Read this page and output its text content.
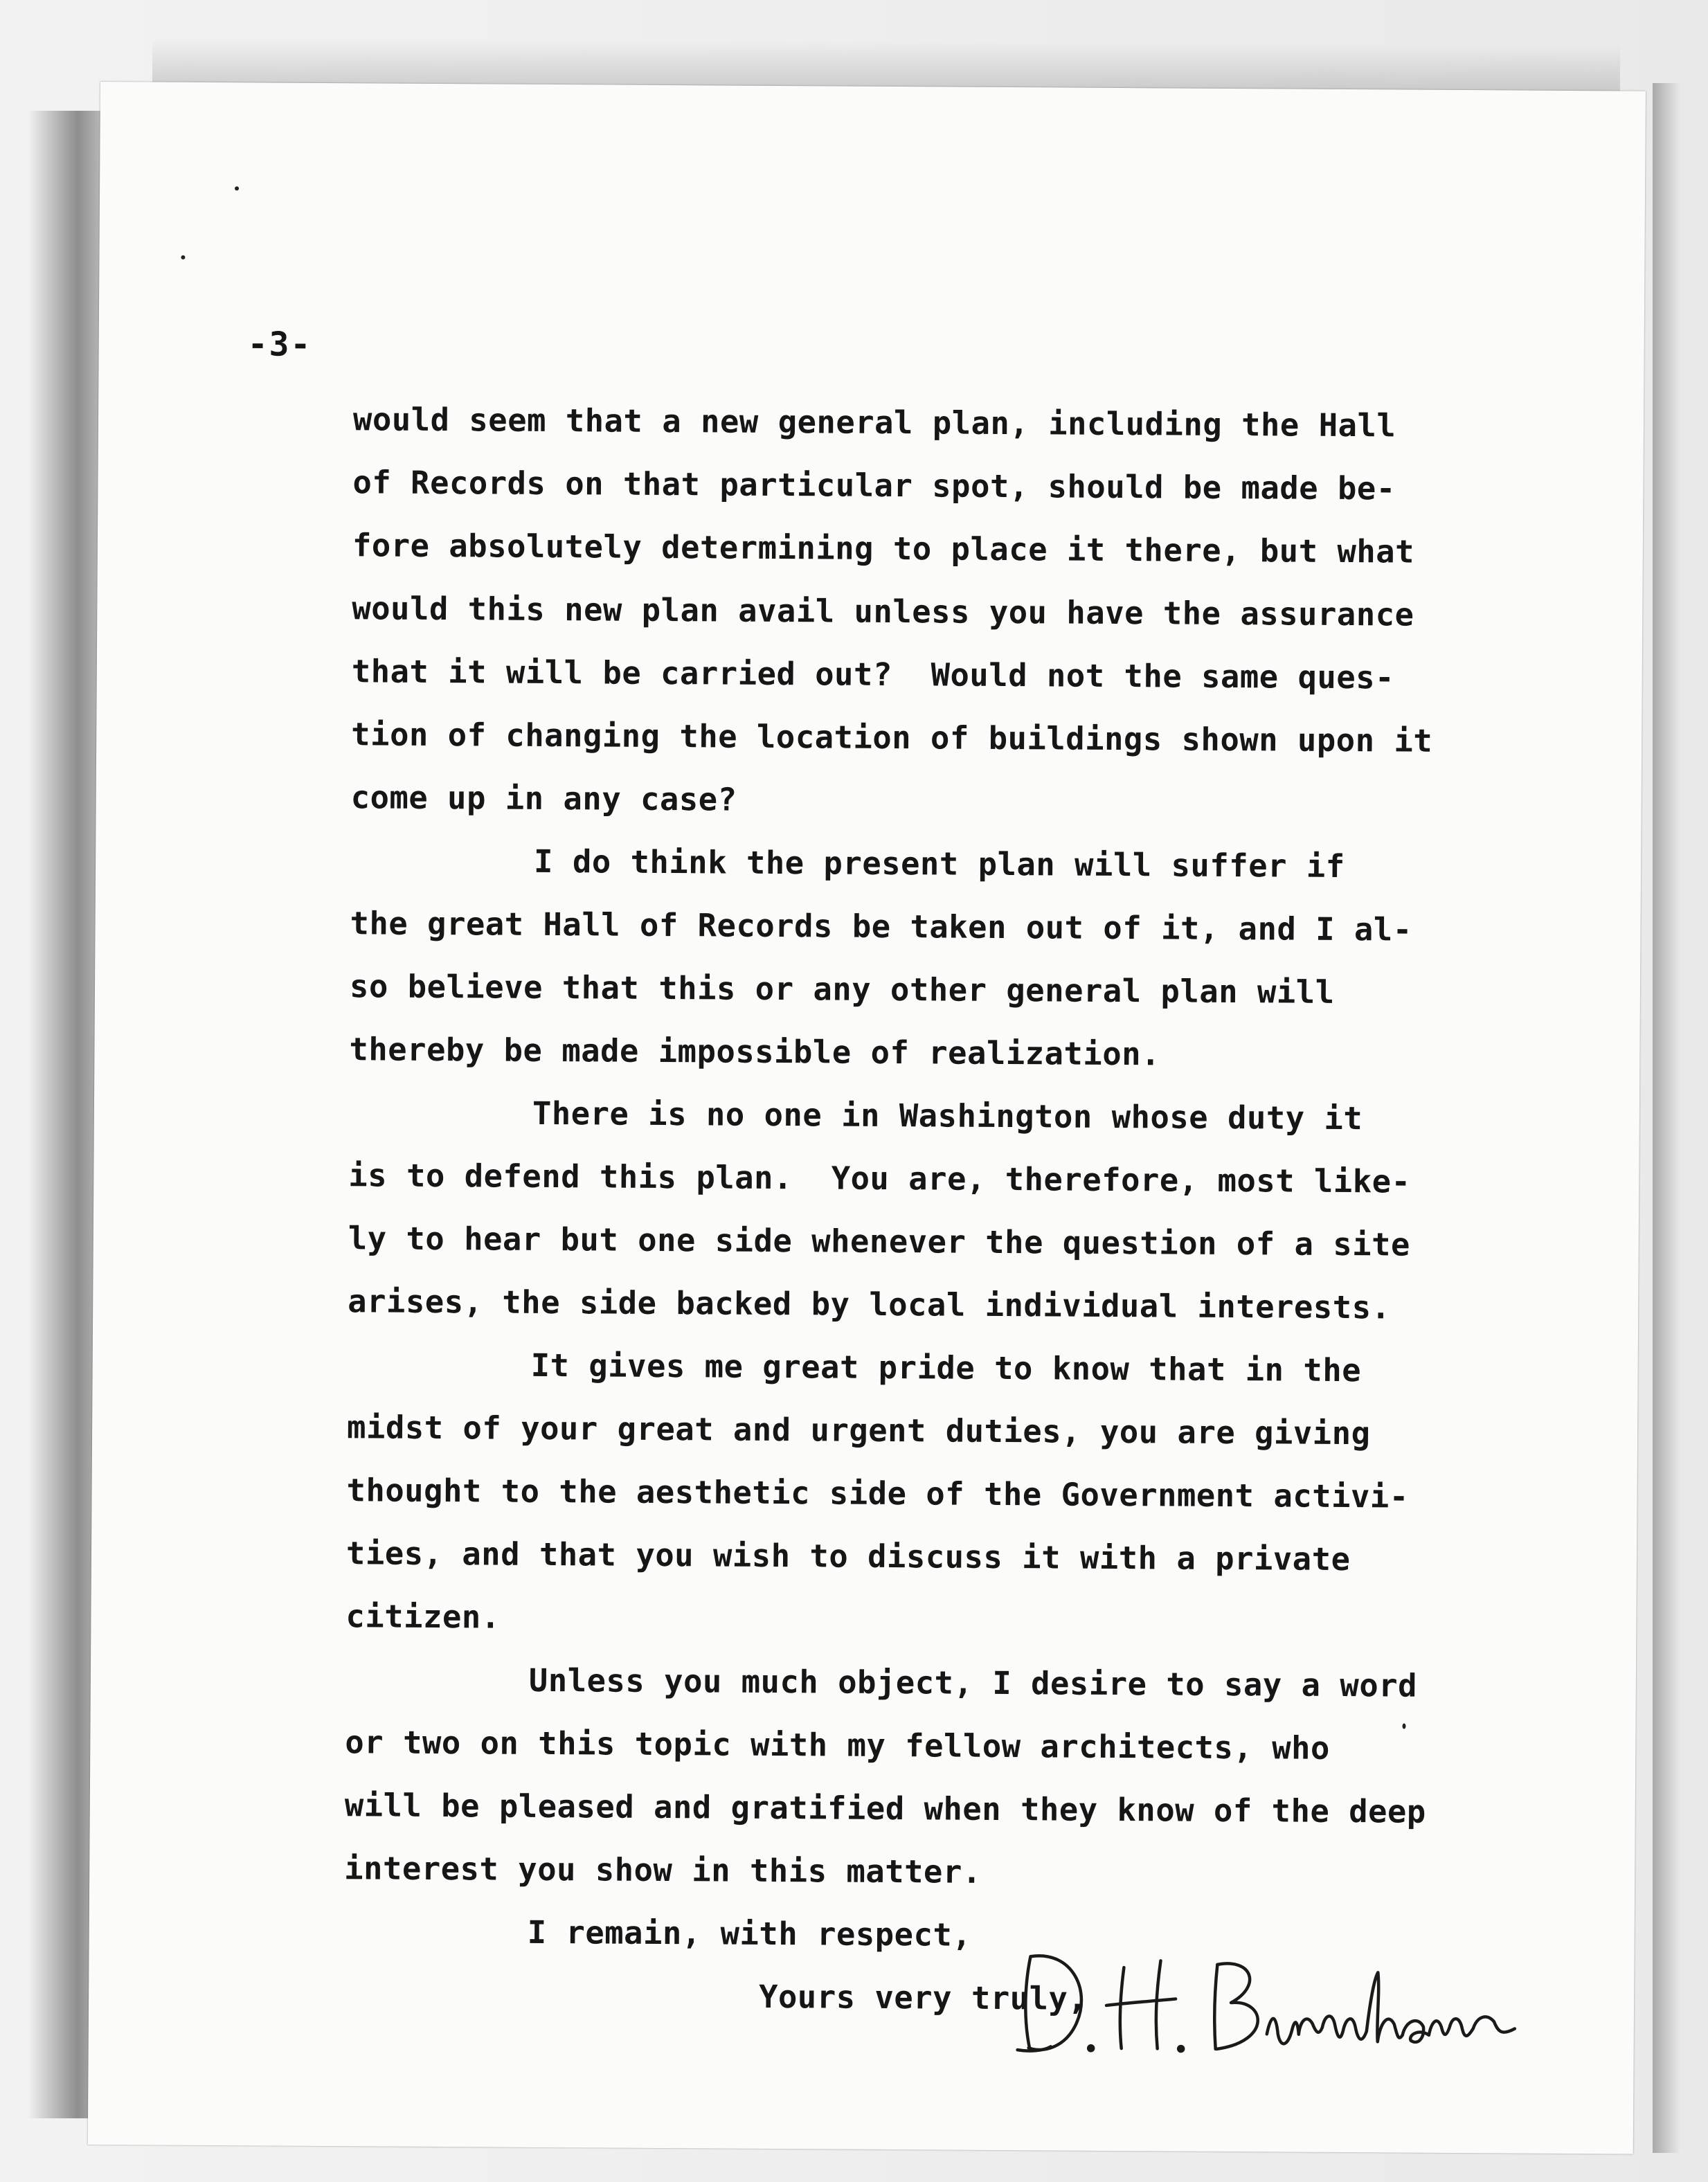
-3-
would seem that a new general plan, including the Hall
of Records on that particular spot, should be made be-
fore absolutely determining to place it there, but what
would this new plan avail unless you have the assurance
that it will be carried out?  Would not the same ques-
tion of changing the location of buildings shown upon it
come up in any case?
I do think the present plan will suffer if
the great Hall of Records be taken out of it, and I al-
so believe that this or any other general plan will
thereby be made impossible of realization.
There is no one in Washington whose duty it
is to defend this plan.  You are, therefore, most like-
ly to hear but one side whenever the question of a site
arises, the side backed by local individual interests.
It gives me great pride to know that in the
midst of your great and urgent duties, you are giving
thought to the aesthetic side of the Government activi-
ties, and that you wish to discuss it with a private
citizen.
Unless you much object, I desire to say a word
or two on this topic with my fellow architects, who
will be pleased and gratified when they know of the deep
interest you show in this matter.
I remain, with respect,
Yours very truly,
